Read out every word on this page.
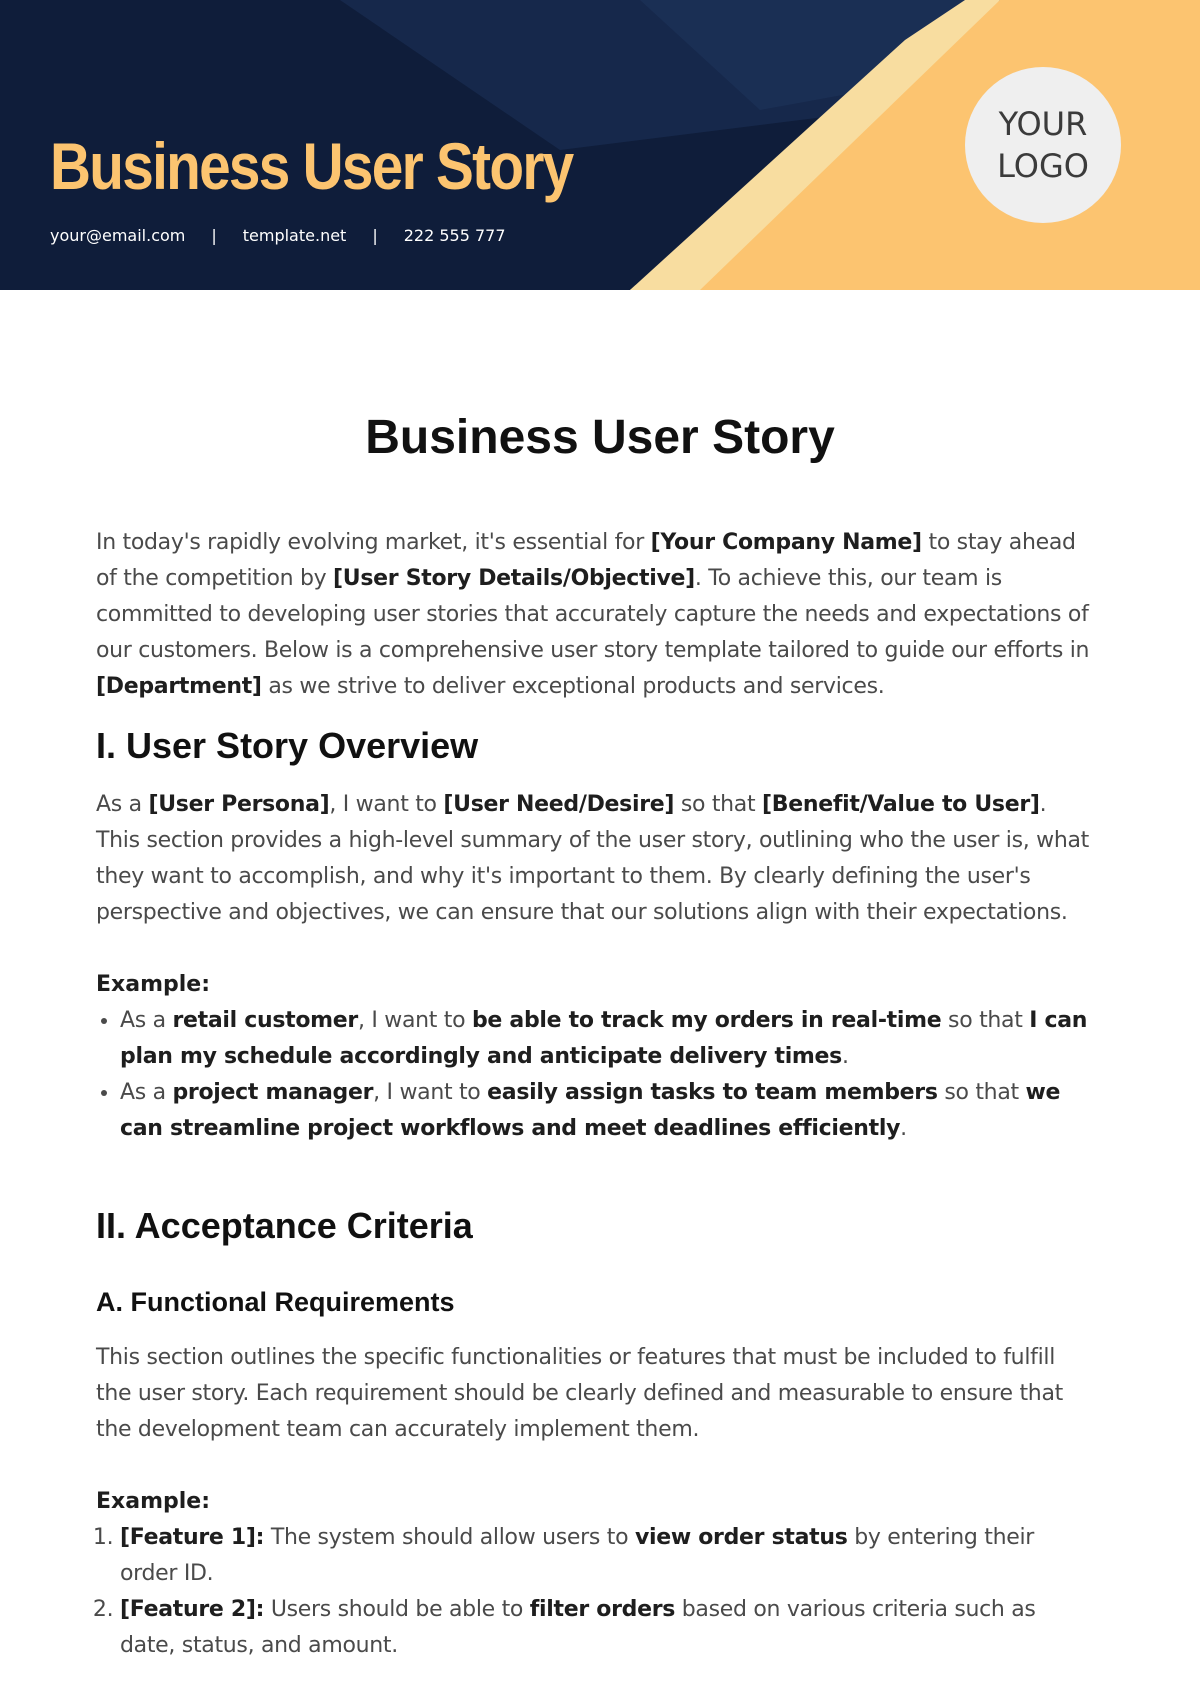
Business User Story
your@email.com | template.net | 222 555 777
YOUR
LOGO
Business User Story

In today's rapidly evolving market, it's essential for [Your Company Name] to stay ahead of the competition by [User Story Details/Objective]. To achieve this, our team is committed to developing user stories that accurately capture the needs and expectations of our customers. Below is a comprehensive user story template tailored to guide our efforts in [Department] as we strive to deliver exceptional products and services.

I. User Story Overview

As a [User Persona], I want to [User Need/Desire] so that [Benefit/Value to User]. This section provides a high-level summary of the user story, outlining who the user is, what they want to accomplish, and why it's important to them. By clearly defining the user's perspective and objectives, we can ensure that our solutions align with their expectations.

Example:
• As a retail customer, I want to be able to track my orders in real-time so that I can plan my schedule accordingly and anticipate delivery times.
• As a project manager, I want to easily assign tasks to team members so that we can streamline project workflows and meet deadlines efficiently.
II. Acceptance Criteria
A. Functional Requirements

This section outlines the specific functionalities or features that must be included to fulfill the user story. Each requirement should be clearly defined and measurable to ensure that the development team can accurately implement them.

Example:
1. [Feature 1]: The system should allow users to view order status by entering their order ID.
2. [Feature 2]: Users should be able to filter orders based on various criteria such as date, status, and amount.
